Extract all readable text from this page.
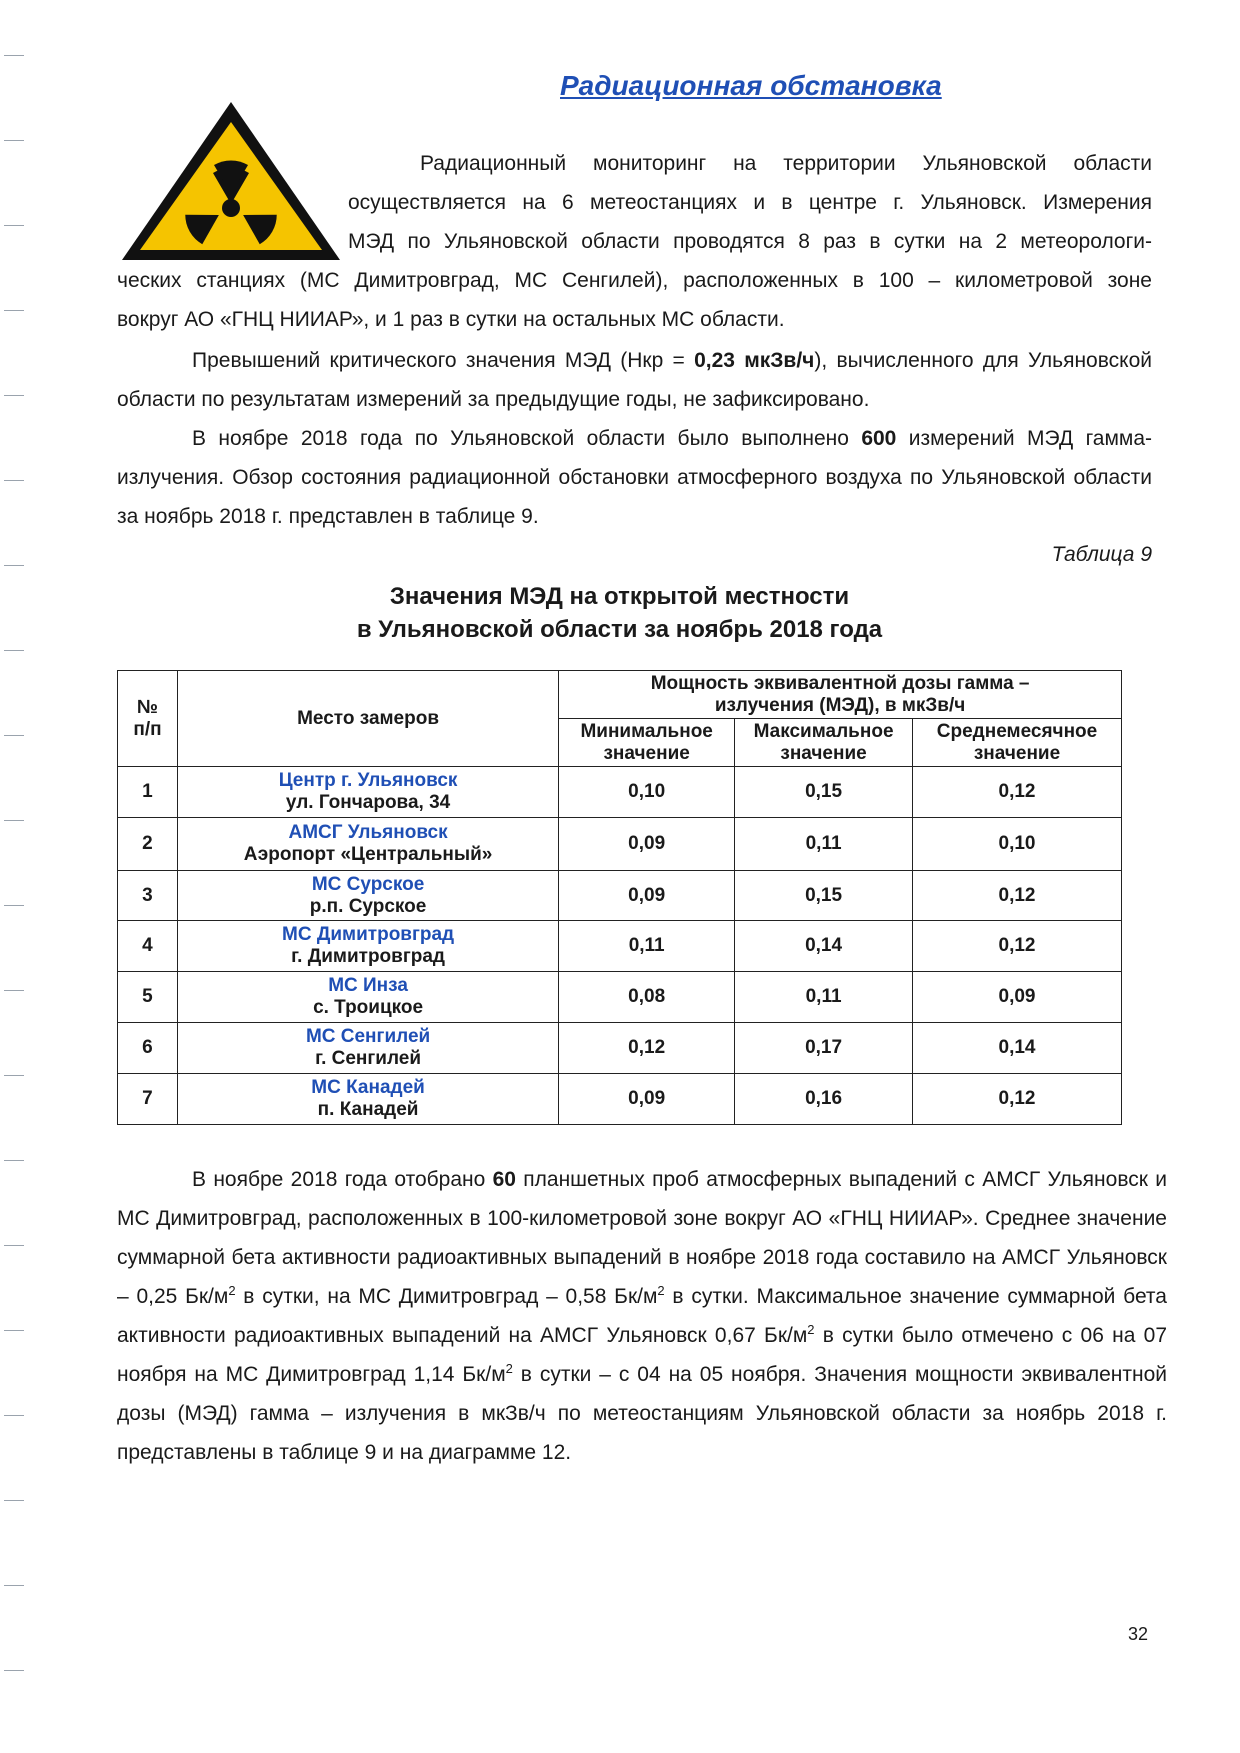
Радиационная обстановка
Радиационный мониторинг на территории Ульяновской области
осуществляется на 6 метеостанциях и в центре г. Ульяновск. Измерения
МЭД по Ульяновской области проводятся 8 раз в сутки на 2 метеорологи-
ческих станциях (МС Димитровград, МС Сенгилей), расположенных в 100 – километровой зоне
вокруг АО «ГНЦ НИИАР», и 1 раз в сутки на остальных МС области.
Превышений критического значения МЭД (Нкр = 0,23 мкЗв/ч), вычисленного для Ульяновской области по результатам измерений за предыдущие годы, не зафиксировано.
В ноябре 2018 года по Ульяновской области было выполнено 600 измерений МЭД гамма-излучения. Обзор состояния радиационной обстановки атмосферного воздуха по Ульяновской области за ноябрь 2018 г. представлен в таблице 9.
Таблица 9
Значения МЭД на открытой местности
в Ульяновской области за ноябрь 2018 года
№ п/п	Место замеров	Мощность эквивалентной дозы гамма – излучения (МЭД), в мкЗв/ч		

		Минимальное значение	Максимальное значение	Среднемесячное значение

1	Центр г. Ульяновск
ул. Гончарова, 34	0,10	0,15	0,12
2	АМСГ Ульяновск
Аэропорт «Центральный»	0,09	0,11	0,10
3	МС Сурское
р.п. Сурское	0,09	0,15	0,12
4	МС Димитровград
г. Димитровград	0,11	0,14	0,12
5	МС Инза
с. Троицкое	0,08	0,11	0,09
6	МС Сенгилей
г. Сенгилей	0,12	0,17	0,14
7	МС Канадей
п. Канадей	0,09	0,16	0,12
В ноябре 2018 года отобрано 60 планшетных проб атмосферных выпадений с АМСГ Ульяновск и МС Димитровград, расположенных в 100-километровой зоне вокруг АО «ГНЦ НИИАР». Среднее значение суммарной бета активности радиоактивных выпадений в ноябре 2018 года составило на АМСГ Ульяновск – 0,25 $Бк/м^2$ в сутки, на МС Димитровград – 0,58 $Бк/м^2$ в сутки. Максимальное значение суммарной бета активности радиоактивных выпадений на АМСГ Ульяновск 0,67 $Бк/м^2$ в сутки было отмечено с 06 на 07 ноября на МС Димитровград 1,14 $Бк/м^2$ в сутки – с 04 на 05 ноября. Значения мощности эквивалентной дозы (МЭД) гамма – излучения в мкЗв/ч по метеостанциям Ульяновской области за ноябрь 2018 г. представлены в таблице 9 и на диаграмме 12.
32
